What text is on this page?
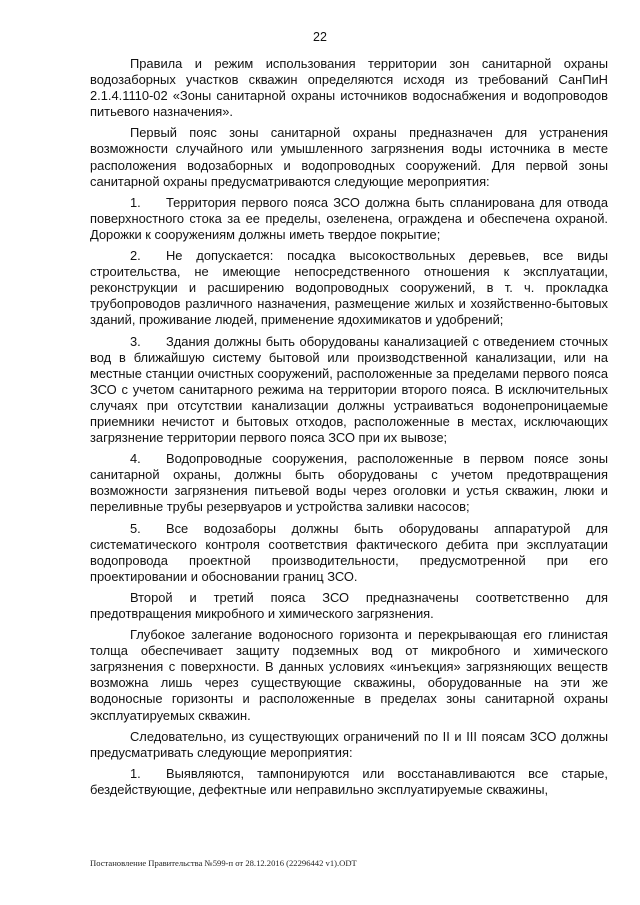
22

Правила и режим использования территории зон санитарной охраны водозаборных участков скважин определяются исходя из требований СанПиН 2.1.4.1110-02 «Зоны санитарной охраны источников водоснабжения и водопроводов питьевого назначения».

Первый пояс зоны санитарной охраны предназначен для устранения возможности случайного или умышленного загрязнения воды источника в месте расположения водозаборных и водопроводных сооружений. Для первой зоны санитарной охраны предусматриваются следующие мероприятия:

1. Территория первого пояса ЗСО должна быть спланирована для отвода поверхностного стока за ее пределы, озеленена, ограждена и обеспечена охраной. Дорожки к сооружениям должны иметь твердое покрытие;

2. Не допускается: посадка высокоствольных деревьев, все виды строительства, не имеющие непосредственного отношения к эксплуатации, реконструкции и расширению водопроводных сооружений, в т. ч. прокладка трубопроводов различного назначения, размещение жилых и хозяйственно-бытовых зданий, проживание людей, применение ядохимикатов и удобрений;

3. Здания должны быть оборудованы канализацией с отведением сточных вод в ближайшую систему бытовой или производственной канализации, или на местные станции очистных сооружений, расположенные за пределами первого пояса ЗСО с учетом санитарного режима на территории второго пояса. В исключительных случаях при отсутствии канализации должны устраиваться водонепроницаемые приемники нечистот и бытовых отходов, расположенные в местах, исключающих загрязнение территории первого пояса ЗСО при их вывозе;

4. Водопроводные сооружения, расположенные в первом поясе зоны санитарной охраны, должны быть оборудованы с учетом предотвращения возможности загрязнения питьевой воды через оголовки и устья скважин, люки и переливные трубы резервуаров и устройства заливки насосов;

5. Все водозаборы должны быть оборудованы аппаратурой для систематического контроля соответствия фактического дебита при эксплуатации водопровода проектной производительности, предусмотренной при его проектировании и обосновании границ ЗСО.

Второй и третий пояса ЗСО предназначены соответственно для предотвращения микробного и химического загрязнения.

Глубокое залегание водоносного горизонта и перекрывающая его глинистая толща обеспечивает защиту подземных вод от микробного и химического загрязнения с поверхности. В данных условиях «инъекция» загрязняющих веществ возможна лишь через существующие скважины, оборудованные на эти же водоносные горизонты и расположенные в пределах зоны санитарной охраны эксплуатируемых скважин.

Следовательно, из существующих ограничений по II и III поясам ЗСО должны предусматривать следующие мероприятия:

1. Выявляются, тампонируются или восстанавливаются все старые, бездействующие, дефектные или неправильно эксплуатируемые скважины,

Постановление Правительства №599-п от 28.12.2016 (22296442 v1).ODT
